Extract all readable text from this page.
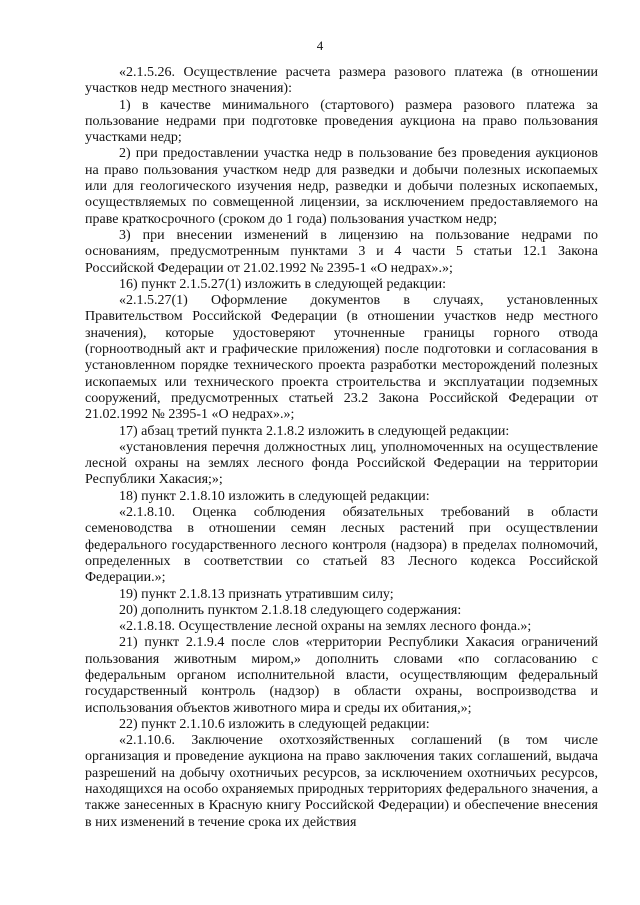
4

«2.1.5.26. Осуществление расчета размера разового платежа (в отношении участков недр местного значения):

1) в качестве минимального (стартового) размера разового платежа за пользование недрами при подготовке проведения аукциона на право пользования участками недр;

2) при предоставлении участка недр в пользование без проведения аукционов на право пользования участком недр для разведки и добычи полезных ископаемых или для геологического изучения недр, разведки и добычи полезных ископаемых, осуществляемых по совмещенной лицензии, за исключением предоставляемого на праве краткосрочного (сроком до 1 года) пользования участком недр;

3) при внесении изменений в лицензию на пользование недрами по основаниям, предусмотренным пунктами 3 и 4 части 5 статьи 12.1 Закона Российской Федерации от 21.02.1992 № 2395-1 «О недрах».»;

16) пункт 2.1.5.27(1) изложить в следующей редакции:

«2.1.5.27(1) Оформление документов в случаях, установленных Правительством Российской Федерации (в отношении участков недр местного значения), которые удостоверяют уточненные границы горного отвода (горноотводный акт и графические приложения) после подготовки и согласования в установленном порядке технического проекта разработки месторождений полезных ископаемых или технического проекта строительства и эксплуатации подземных сооружений, предусмотренных статьей 23.2 Закона Российской Федерации от 21.02.1992 № 2395-1 «О недрах».»;

17) абзац третий пункта 2.1.8.2 изложить в следующей редакции:

«установления перечня должностных лиц, уполномоченных на осуществление лесной охраны на землях лесного фонда Российской Федерации на территории Республики Хакасия;»;

18) пункт 2.1.8.10 изложить в следующей редакции:

«2.1.8.10. Оценка соблюдения обязательных требований в области семеноводства в отношении семян лесных растений при осуществлении федерального государственного лесного контроля (надзора) в пределах полномочий, определенных в соответствии со статьей 83 Лесного кодекса Российской Федерации.»;

19) пункт 2.1.8.13 признать утратившим силу;

20) дополнить пунктом 2.1.8.18 следующего содержания:

«2.1.8.18. Осуществление лесной охраны на землях лесного фонда.»;

21) пункт 2.1.9.4 после слов «территории Республики Хакасия ограничений пользования животным миром,» дополнить словами «по согласованию с федеральным органом исполнительной власти, осуществляющим федеральный государственный контроль (надзор) в области охраны, воспроизводства и использования объектов животного мира и среды их обитания,»;

22) пункт 2.1.10.6 изложить в следующей редакции:

«2.1.10.6. Заключение охотхозяйственных соглашений (в том числе организация и проведение аукциона на право заключения таких соглашений, выдача разрешений на добычу охотничьих ресурсов, за исключением охотничьих ресурсов, находящихся на особо охраняемых природных территориях федерального значения, а также занесенных в Красную книгу Российской Федерации) и обеспечение внесения в них изменений в течение срока их действия
